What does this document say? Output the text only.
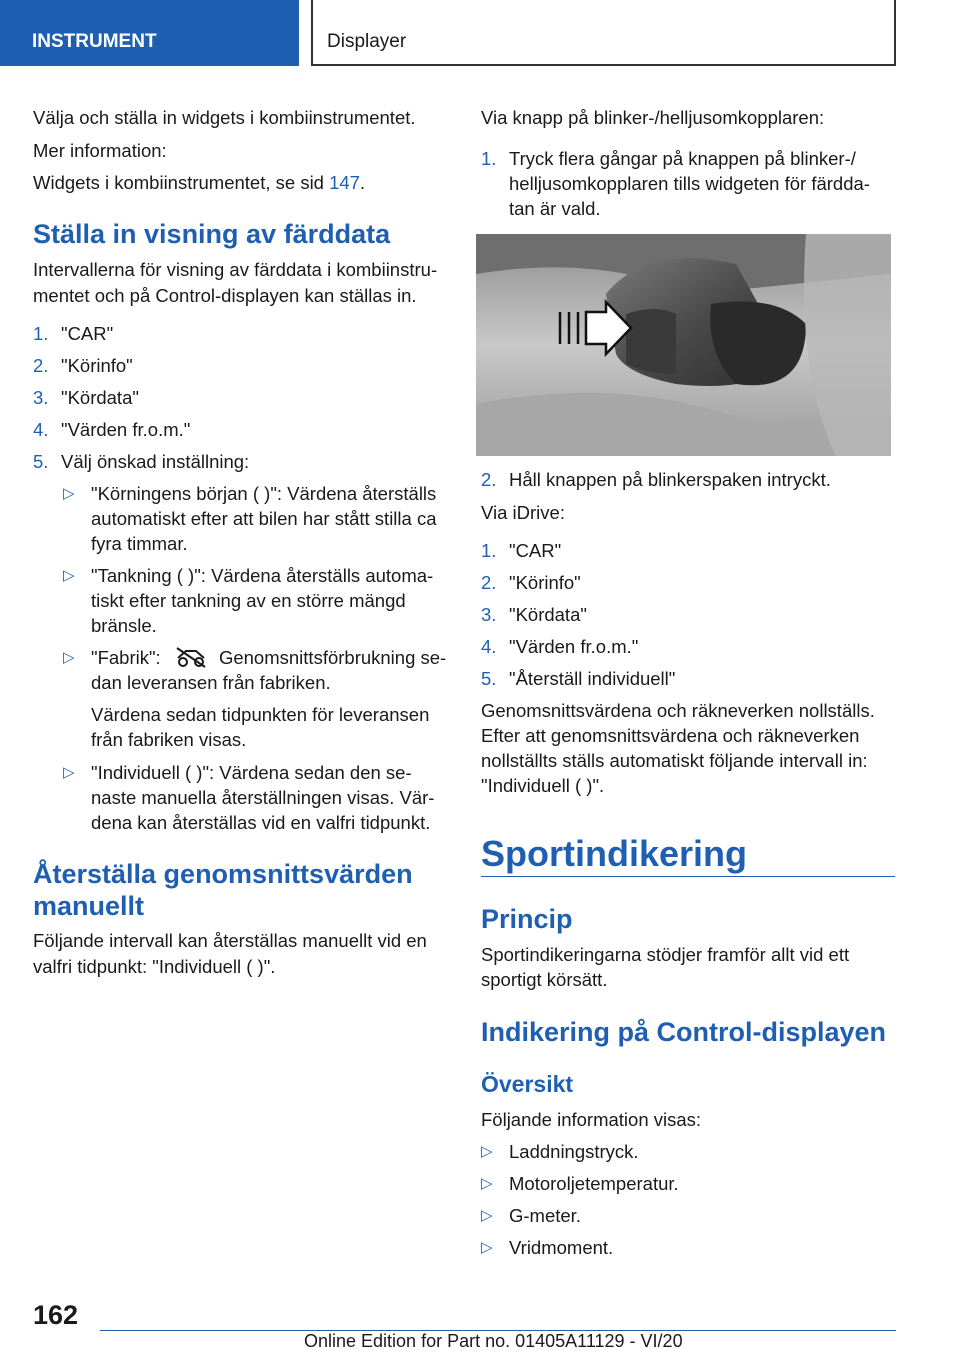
INSTRUMENT	Displayer
Välja och ställa in widgets i kombiinstrumentet.
Mer information:
Widgets i kombiinstrumentet, se sid 147.
Ställa in visning av färddata
Intervallerna för visning av färddata i kombiinstru-
mentet och på Control-displayen kan ställas in.
1. "CAR"
2. "Körinfo"
3. "Kördata"
4. "Värden fr.o.m."
5. Välj önskad inställning:
▷ "Körningens början ( )": Värdena återställs
automatiskt efter att bilen har stått stilla ca
fyra timmar.
▷ "Tankning ( )": Värdena återställs automa-
tiskt efter tankning av en större mängd
bränsle.
▷ "Fabrik":	Genomsnittsförbrukning se-
dan leveransen från fabriken.
Värdena sedan tidpunkten för leveransen
från fabriken visas.
▷ "Individuell ( )": Värdena sedan den se-
naste manuella återställningen visas. Vär-
dena kan återställas vid en valfri tidpunkt.
Återställa genomsnittsvärden
manuellt
Följande intervall kan återställas manuellt vid en
valfri tidpunkt: "Individuell ( )".
Via knapp på blinker-/helljusomkopplaren:
1. Tryck flera gångar på knappen på blinker-/
helljusomkopplaren tills widgeten för färdda-
tan är vald.
2. Håll knappen på blinkerspaken intryckt.
Via iDrive:
1. "CAR"
2. "Körinfo"
3. "Kördata"
4. "Värden fr.o.m."
5. "Återställ individuell"
Genomsnittsvärdena och räkneverken nollställs.
Efter att genomsnittsvärdena och räkneverken
nollställts ställs automatiskt följande intervall in:
"Individuell ( )".
Sportindikering
Princip
Sportindikeringarna stödjer framför allt vid ett
sportigt körsätt.
Indikering på Control-displayen
Översikt
Följande information visas:
▷ Laddningstryck.
▷ Motoroljetemperatur.
▷ G-meter.
▷ Vridmoment.
162
Online Edition for Part no. 01405A11129 - VI/20
